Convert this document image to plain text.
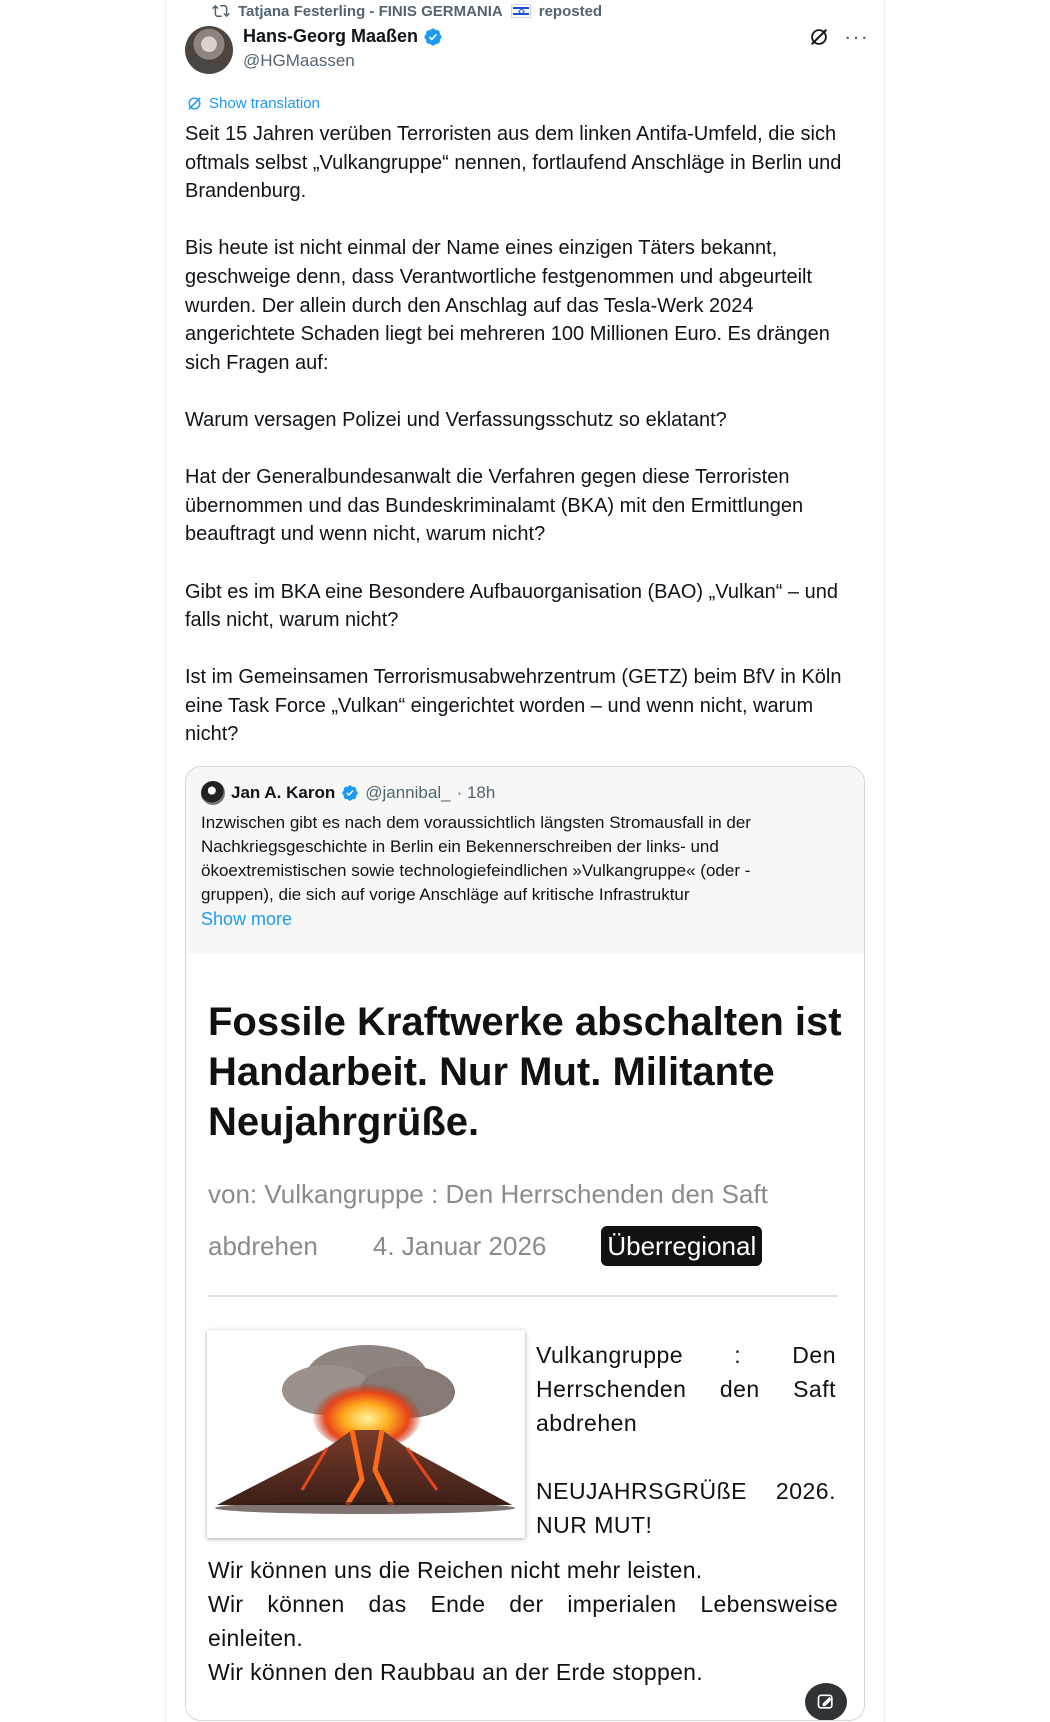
Tatjana Festerling - FINIS GERMANIA reposted
Hans-Georg Maaßen
@HGMaassen
···
Show translation

Seit 15 Jahren verüben Terroristen aus dem linken Antifa-Umfeld, die sich oftmals selbst „Vulkangruppe“ nennen, fortlaufend Anschläge in Berlin und Brandenburg.

Bis heute ist nicht einmal der Name eines einzigen Täters bekannt, geschweige denn, dass Verantwortliche festgenommen und abgeurteilt wurden. Der allein durch den Anschlag auf das Tesla-Werk 2024 angerichtete Schaden liegt bei mehreren 100 Millionen Euro. Es drängen sich Fragen auf:

Warum versagen Polizei und Verfassungsschutz so eklatant?

Hat der Generalbundesanwalt die Verfahren gegen diese Terroristen übernommen und das Bundeskriminalamt (BKA) mit den Ermittlungen beauftragt und wenn nicht, warum nicht?

Gibt es im BKA eine Besondere Aufbauorganisation (BAO) „Vulkan“ – und falls nicht, warum nicht?

Ist im Gemeinsamen Terrorismusabwehrzentrum (GETZ) beim BfV in Köln eine Task Force „Vulkan“ eingerichtet worden – und wenn nicht, warum nicht?

Jan A. Karon @jannibal_ · 18h
Inzwischen gibt es nach dem voraussichtlich längsten Stromausfall in der Nachkriegsgeschichte in Berlin ein Bekennerschreiben der links- und ökoextremistischen sowie technologiefeindlichen »Vulkangruppe« (oder -gruppen), die sich auf vorige Anschläge auf kritische Infrastruktur
Show more
Fossile Kraftwerke abschalten ist Handarbeit. Nur Mut. Militante Neujahrgrüße.
von: Vulkangruppe : Den Herrschenden den Saft
abdrehen 4. Januar 2026 Überregional
Vulkangruppe : Den Herrschenden den Saft
abdrehen
NEUJAHRSGRÜßE 2026.
NUR MUT!
Wir können uns die Reichen nicht mehr leisten.
Wir können das Ende der imperialen Lebensweise
einleiten.
Wir können den Raubbau an der Erde stoppen.
